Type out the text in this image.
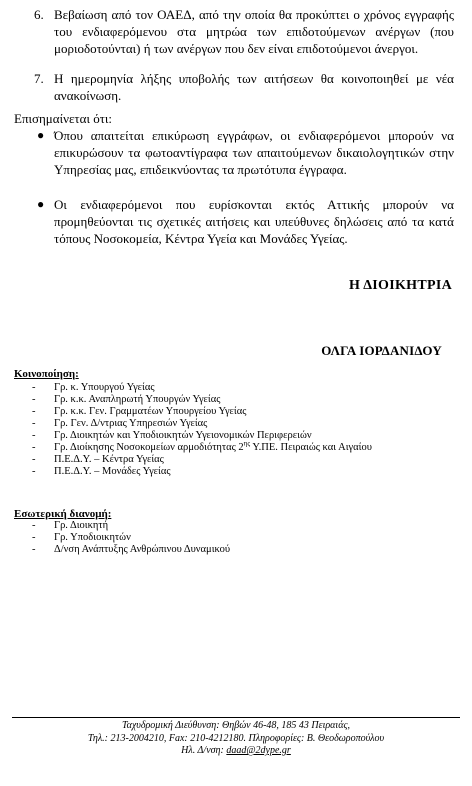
6. Βεβαίωση από τον ΟΑΕΔ, από την οποία θα προκύπτει ο χρόνος εγγραφής του ενδιαφερόμενου στα μητρώα των επιδοτούμενων ανέργων (που μοριοδοτούνται) ή των ανέργων που δεν είναι επιδοτούμενοι άνεργοι.
7. Η ημερομηνία λήξης υποβολής των αιτήσεων θα κοινοποιηθεί με νέα ανακοίνωση.
Επισημαίνεται ότι:
● Όπου απαιτείται επικύρωση εγγράφων, οι ενδιαφερόμενοι μπορούν να επικυρώσουν τα φωτοαντίγραφα των απαιτούμενων δικαιολογητικών στην Υπηρεσίας μας, επιδεικνύοντας τα πρωτότυπα έγγραφα.
● Οι ενδιαφερόμενοι που ευρίσκονται εκτός Αττικής μπορούν να προμηθεύονται τις σχετικές αιτήσεις και υπεύθυνες δηλώσεις από τα κατά τόπους Νοσοκομεία, Κέντρα Υγεία και Μονάδες Υγείας.
Η ΔΙΟΙΚΗΤΡΙΑ
ΟΛΓΑ ΙΟΡΔΑΝΙΔΟΥ
Κοινοποίηση:
- Γρ. κ. Υπουργού Υγείας
- Γρ. κ.κ. Αναπληρωτή Υπουργών Υγείας
- Γρ. κ.κ. Γεν. Γραμματέων Υπουργείου Υγείας
- Γρ. Γεν. Δ/ντριας Υπηρεσιών Υγείας
- Γρ. Διοικητών και Υποδιοικητών Υγειονομικών Περιφερειών
- Γρ. Διοίκησης Νοσοκομείων αρμοδιότητας $2^{\eta\varsigma}$ Υ.ΠΕ. Πειραιώς και Αιγαίου
- Π.Ε.Δ.Υ. – Κέντρα Υγείας
- Π.Ε.Δ.Υ. – Μονάδες Υγείας
Εσωτερική διανομή:
- Γρ. Διοικητή
- Γρ. Υποδιοικητών
- Δ/νση Ανάπτυξης Ανθρώπινου Δυναμικού
Ταχυδρομική Διεύθυνση: Θηβών 46-48, 185 43 Πειραιάς,
Τηλ.: 213-2004210, Fax: 210-4212180. Πληροφορίες: Β. Θεοδωροπούλου
Ηλ. Δ/νση: daad@2dype.gr
